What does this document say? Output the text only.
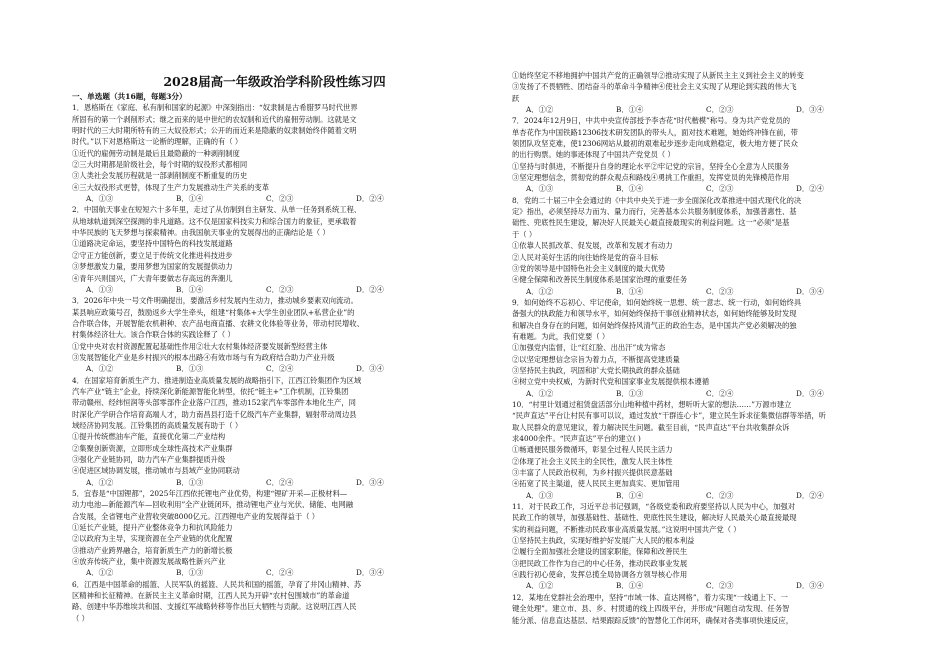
2028届高一年级政治学科阶段性练习四
一、单选题（共16题，每题3分）

1．恩格斯在《家庭、私有制和国家的起源》中深刻指出：“奴隶制是古希腊罗马时代世界

所固有的第一个剥削形式；继之而来的是中世纪的农奴制和近代的雇佣劳动制。这就是文

明时代的三大时期所特有的三大奴役形式；公开的而近来是隐蔽的奴隶制始终伴随着文明

时代。”以下对恩格斯这一论断的理解，正确的有（ ）

①近代的雇佣劳动制是最后且最隐蔽的一种剥削制度

②三大时期都是阶级社会，每个时期的奴役形式都相同

③人类社会发展历程就是一部剥削制度不断重复的历史

④三大奴役形式更替，体现了生产力发展推动生产关系的变革

A．①③	B．①④	C．②③	D．②④

2．中国航天事业在短短六十多年里，走过了从仿制到自主研发、从单一任务到系统工程、

从地球轨道到深空探测的非凡道路。这不仅是国家科技实力和综合国力的象征，更承载着

中华民族的飞天梦想与探索精神。由我国航天事业的发展得出的正确结论是（ ）

①道路决定命运，要坚持中国特色的科技发展道路

②守正方能创新，要立足于传统文化推进科技进步

③梦想激发力量，要用梦想为国家的发展提供动力

④青年兴则国兴，广大青年要做志存高远的奔潮儿

A．①③	B．①④	C．②③	D．②④

3．2026年中央一号文件明确提出，要激活乡村发展内生动力，推动城乡要素双向流动。

某县响应政策号召，鼓励返乡大学生牵头，组建“村集体+大学生创业团队+私营企业”的

合作联合体，开展智能农机耕种、农产品电商直播、农耕文化体验等业务，带动村民增收、

村集体经济壮大。该合作联合体的实践诠释了（ ）

①党中央对农村资源配置起基础性作用②壮大农村集体经济要发展新型经营主体

③发展智能化产业是乡村振兴的根本出路④有效市场与有为政府结合助力产业升级

A．①②	B．①③	C．②④	D．③④

4．在国家培育新质生产力、推进制造业高质量发展的战略指引下，江西江铃集团作为区域

汽车产业“链主”企业，持续深化新能源智能化转型，依托“链主+”工作机制，江铃集团

带动赣州、经纬恒润等头部零部件企业落户江西，推动152家汽车零部件本地化生产，同

时深化产学研合作培育高端人才，助力南昌县打造千亿级汽车产业集群，辐射带动周边县

域经济协同发展。江铃集团的高质量发展有助于（ ）

①提升传统燃油车产能，直接优化第二产业结构

②集聚创新资源，立即形成全球性高技术产业集群

③强化产业链协同，助力汽车产业集群提质升级

④促进区域协调发展，推动城市与县域产业协同联动

A．①②	B．①③	C．②④	D．③④

5．宜春是“中国锂都”，2025年江西依托锂电产业优势，构建“锂矿开采—正极材料—

动力电池—新能源汽车—回收利用”全产业链闭环，推动锂电产业与光伏、储能、电网融

合发展，全省锂电产业营收突破8000亿元。江西锂电产业的发展得益于（ ）

①延长产业链，提升产业整体竞争力和抗风险能力

②以政府为主导，实现资源在全产业链的优化配置

③推动产业跨界融合，培育新质生产力的新增长极

④放弃传统产业，集中资源发展战略性新兴产业

A．①②	B．①③	C．②④	D．③④

6．江西是中国革命的摇篮、人民军队的摇篮、人民共和国的摇篮，孕育了井冈山精神、苏

区精神和长征精神。在新民主主义革命时期，江西人民为开辟“农村包围城市”的革命道

路、创建中华苏维埃共和国、支援红军战略转移等作出巨大牺牲与贡献。这说明江西人民

（ ）

①始终坚定不移地拥护中国共产党的正确领导②推动实现了从新民主主义到社会主义的转变

③发扬了不畏牺牲、团结奋斗的革命斗争精神④使社会主义实现了从理论到实践的伟大飞

跃

A．①②	B．①④	C．②③	D．③④

7．2024年12月9日，中共中央宣传部授予李杏花“时代楷模”称号。身为共产党党员的

单杏花作为中国铁路12306技术研发团队的带头人，面对技术难题，她始终冲锋在前，带

领团队攻坚克难，使12306网站从最初的艰难起步逐步走向成熟稳定，极大地方便了民众

的出行购票。她的事迹体现了中国共产党党员（ ）

①坚持与时俱进，不断提升自身的理论水平②牢记党的宗旨，坚持全心全意为人民服务

③坚定理想信念，贯彻党的群众观点和路线④勇挑工作重担，发挥党员的先锋模范作用

A．①③	B．①④	C．②③	D．②④

8．党的二十届三中全会通过的《中共中央关于进一步全面深化改革推进中国式现代化的决

定》指出，必须坚持尽力而为、量力而行，完善基本公共服务制度体系，加强普惠性、基

础性、兜底性民生建设，解决好人民最关心最直接最现实的利益问题。这一“必须”是基

于（ ）

①依靠人民抓改革、促发展，改革和发展才有动力

②人民对美好生活的向往始终是党的奋斗目标

③党的领导是中国特色社会主义制度的最大优势

④健全保障和改善民生制度体系是国家治理的重要任务

A．①②	B．①④	C．②③	D．③④

9．如何始终不忘初心、牢记使命，如何始终统一思想、统一意志、统一行动，如何始终具

备强大的执政能力和领导水平，如何始终保持干事创业精神状态，如何始终能够及时发现

和解决自身存在的问题，如何始终保持风清气正的政治生态，是中国共产党必须解决的独

有难题。为此，我们党要（ ）

①加强党内监督，让“红红脸、出出汗”成为常态

②以坚定理想信念宗旨为着力点，不断提高党建质量

③坚持民主执政，巩固和扩大党长期执政的群众基础

④树立党中央权威，为新时代党和国家事业发展提供根本遵循

A．①②	B．①③	C．②④	D．③④

10．“村里计划通过租赁盘活部分山地种植中药材，想听听大家的想法……”万源市建立

“民声直达”平台让村民有事可以议，通过发放“干群连心卡”，建立民生诉求征集微信群等举措，听

取人民群众的意见建议，着力解决民生问题。截至目前，“民声直达”平台共收集群众诉

求4000余件。“民声直达”平台的建立( )

①畅通便民服务微循环，彰显全过程人民民主活力

②体现了社会主义民主的全民性，激发人民主体性

③丰富了人民政治权利，为乡村振兴提供民意基础

④拓宽了民主渠道，使人民民主更加真实、更加管用

A．①③	B．①④	C．②③	D．②④

11．对于民政工作，习近平总书记强调，“各级党委和政府要坚持以人民为中心，加强对

民政工作的领导，加强基础性、基础性、兜底性民生建设，解决好人民最关心最直接最现

实的利益问题，不断推动民政事业高质量发展。”这说明中国共产党（ ）

①坚持民主执政，实现好维护好发展广大人民的根本利益

②履行全面加强社会建设的国家职能，保障和改善民生

③把民政工作作为自己的中心任务，推动民政事业发展

④践行初心使命，发挥总揽全局协调各方领导核心作用

A．①②	B．①④	C．②③	D．③④

12．某地在党群社会治理中，坚持“市域一体、直达网格”，着力实现“一线通上下、一

键全处理”。建立市、县、乡、村贯通的线上四级平台，并形成“问题自动发现、任务智

能分派、信息直达基层、结果跟踪反馈”的智慧化工作闭环，确保对各类事项快速反应，
